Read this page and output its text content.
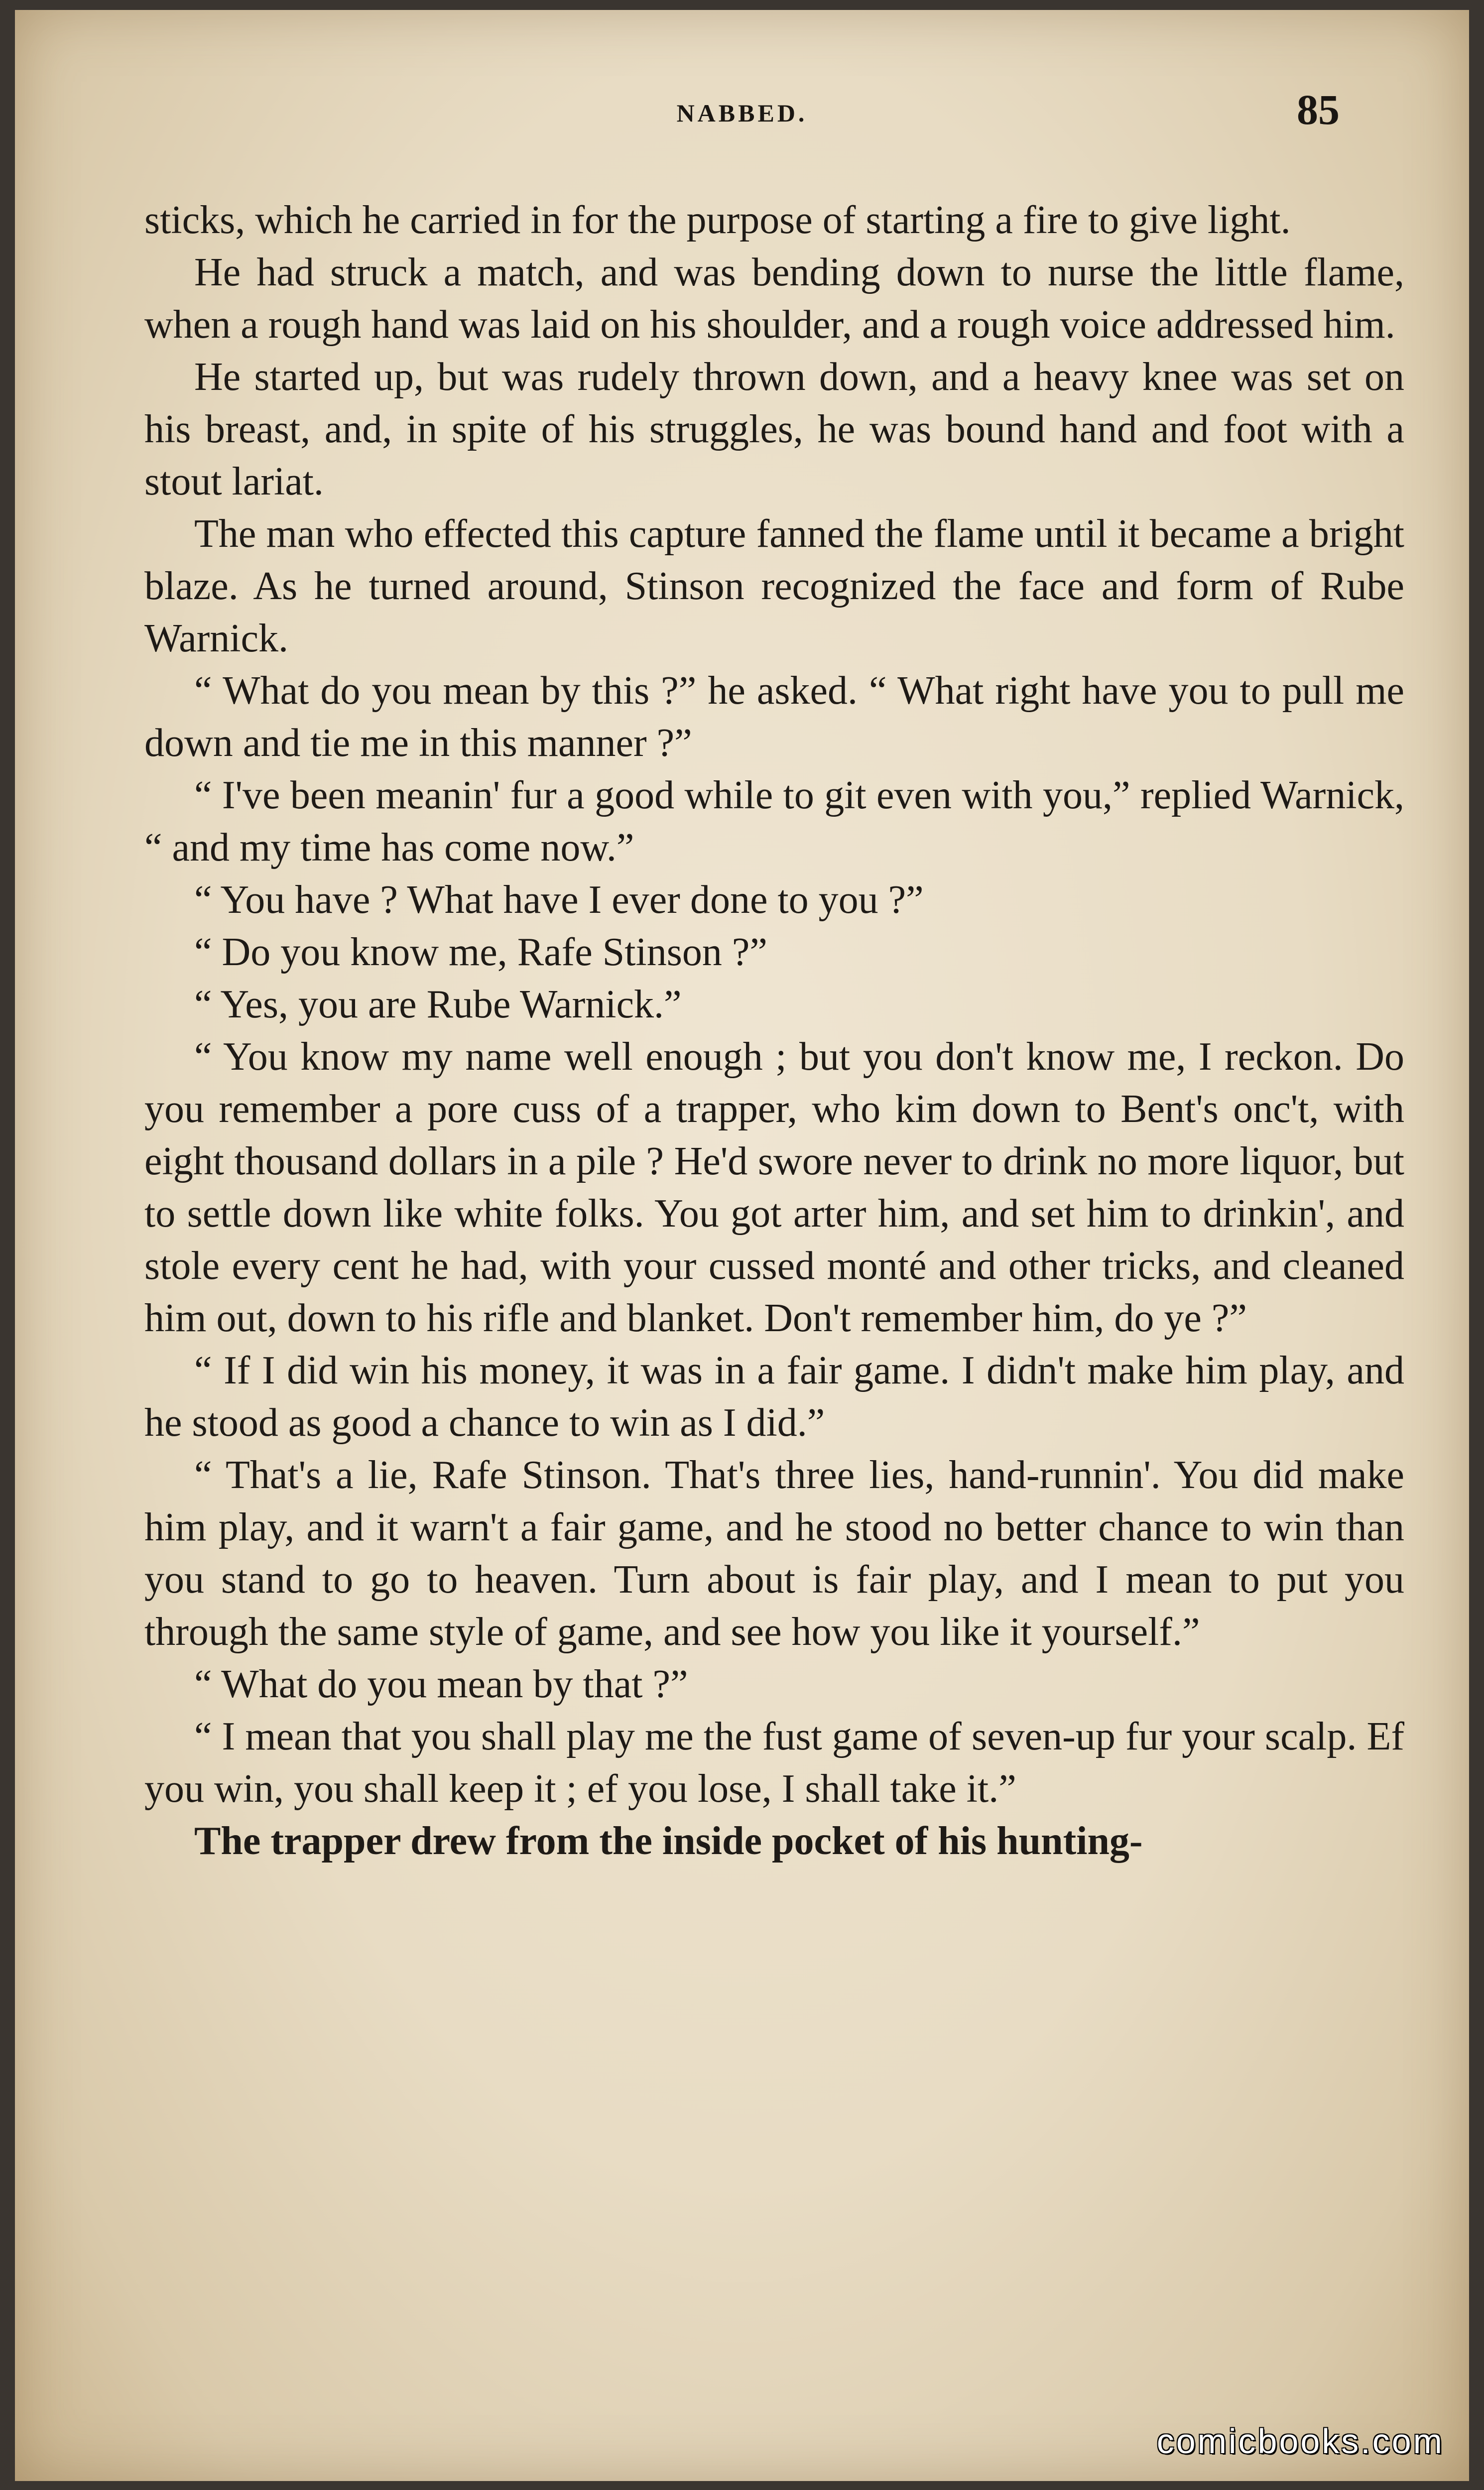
NABBED.	85

sticks, which he carried in for the purpose of starting a fire to give light.

He had struck a match, and was bending down to nurse the little flame, when a rough hand was laid on his shoulder, and a rough voice addressed him.

He started up, but was rudely thrown down, and a heavy knee was set on his breast, and, in spite of his struggles, he was bound hand and foot with a stout lariat.

The man who effected this capture fanned the flame until it became a bright blaze. As he turned around, Stinson recognized the face and form of Rube Warnick.

“ What do you mean by this ?” he asked. “ What right have you to pull me down and tie me in this manner ?”

“ I've been meanin' fur a good while to git even with you,” replied Warnick, “ and my time has come now.”

“ You have ? What have I ever done to you ?”

“ Do you know me, Rafe Stinson ?”

“ Yes, you are Rube Warnick.”

“ You know my name well enough ; but you don't know me, I reckon. Do you remember a pore cuss of a trapper, who kim down to Bent's onc't, with eight thousand dollars in a pile ? He'd swore never to drink no more liquor, but to settle down like white folks. You got arter him, and set him to drinkin', and stole every cent he had, with your cussed monté and other tricks, and cleaned him out, down to his rifle and blanket. Don't remember him, do ye ?”

“ If I did win his money, it was in a fair game. I didn't make him play, and he stood as good a chance to win as I did.”

“ That's a lie, Rafe Stinson. That's three lies, hand-runnin'. You did make him play, and it warn't a fair game, and he stood no better chance to win than you stand to go to heaven. Turn about is fair play, and I mean to put you through the same style of game, and see how you like it yourself.”

“ What do you mean by that ?”

“ I mean that you shall play me the fust game of seven-up fur your scalp. Ef you win, you shall keep it ; ef you lose, I shall take it.”

The trapper drew from the inside pocket of his hunting-

comicbooks.com
